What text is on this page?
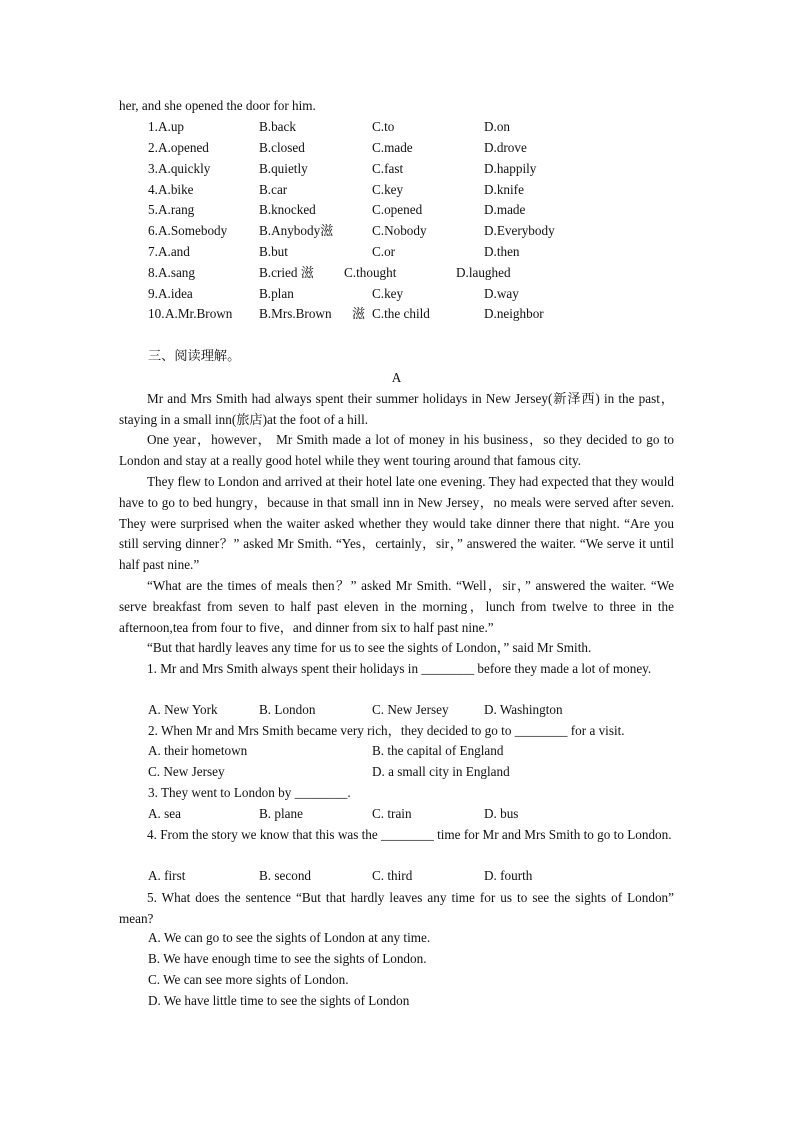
her, and she opened the door for him.
1. A.up	B.back	C.to	D.on
2. A.opened	B.closed	C.made	D.drove
3. A.quickly	B.quietly	C.fast	D.happily
4. A.bike	B.car	C.key	D.knife
5. A.rang	B.knocked	C.opened	D.made
6. A.Somebody B.Anybody滋	C.Nobody	D.Everybody
7. A.and	B.but	C.or	D.then
8. A.sang	B.cried 滋 C.thought	D.laughed
9. A.idea	B.plan	C.key	D.way
10. A.Mr.Brown B.Mrs.Brown 滋 C.the child	D.neighbor
三、阅读理解。
A
Mr and Mrs Smith had always spent their summer holidays in New Jersey(新泽西) in the past，staying in a small inn(旅店)at the foot of a hill.
One year，however， Mr Smith made a lot of money in his business，so they decided to go to London and stay at a really good hotel while they went touring around that famous city.
They flew to London and arrived at their hotel late one evening. They had expected that they would have to go to bed hungry，because in that small inn in New Jersey，no meals were served after seven. They were surprised when the waiter asked whether they would take dinner there that night. “Are you still serving dinner？” asked Mr Smith. “Yes，certainly，sir，” answered the waiter. “We serve it until half past nine.”
“What are the times of meals then？” asked Mr Smith. “Well，sir，” answered the waiter. “We serve breakfast from seven to half past eleven in the morning，lunch from twelve to three in the afternoon,tea from four to five，and dinner from six to half past nine.”
“But that hardly leaves any time for us to see the sights of London，” said Mr Smith.
1. Mr and Mrs Smith always spent their holidays in ________ before they made a lot of money.
A. New York	B. London	C. New Jersey	D. Washington
2. When Mr and Mrs Smith became very rich，they decided to go to ________ for a visit.
A. their hometown	B. the capital of England
C. New Jersey	D. a small city in England
3. They went to London by ________.
A. sea	B. plane	C. train	D. bus
4. From the story we know that this was the ________ time for Mr and Mrs Smith to go to London.
A. first	B. second	C. third	D. fourth
5. What does the sentence “But that hardly leaves any time for us to see the sights of London”               mean?
A. We can go to see the sights of London at any time.
B. We have enough time to see the sights of London.
C. We can see more sights of London.
D. We have little time to see the sights of London
